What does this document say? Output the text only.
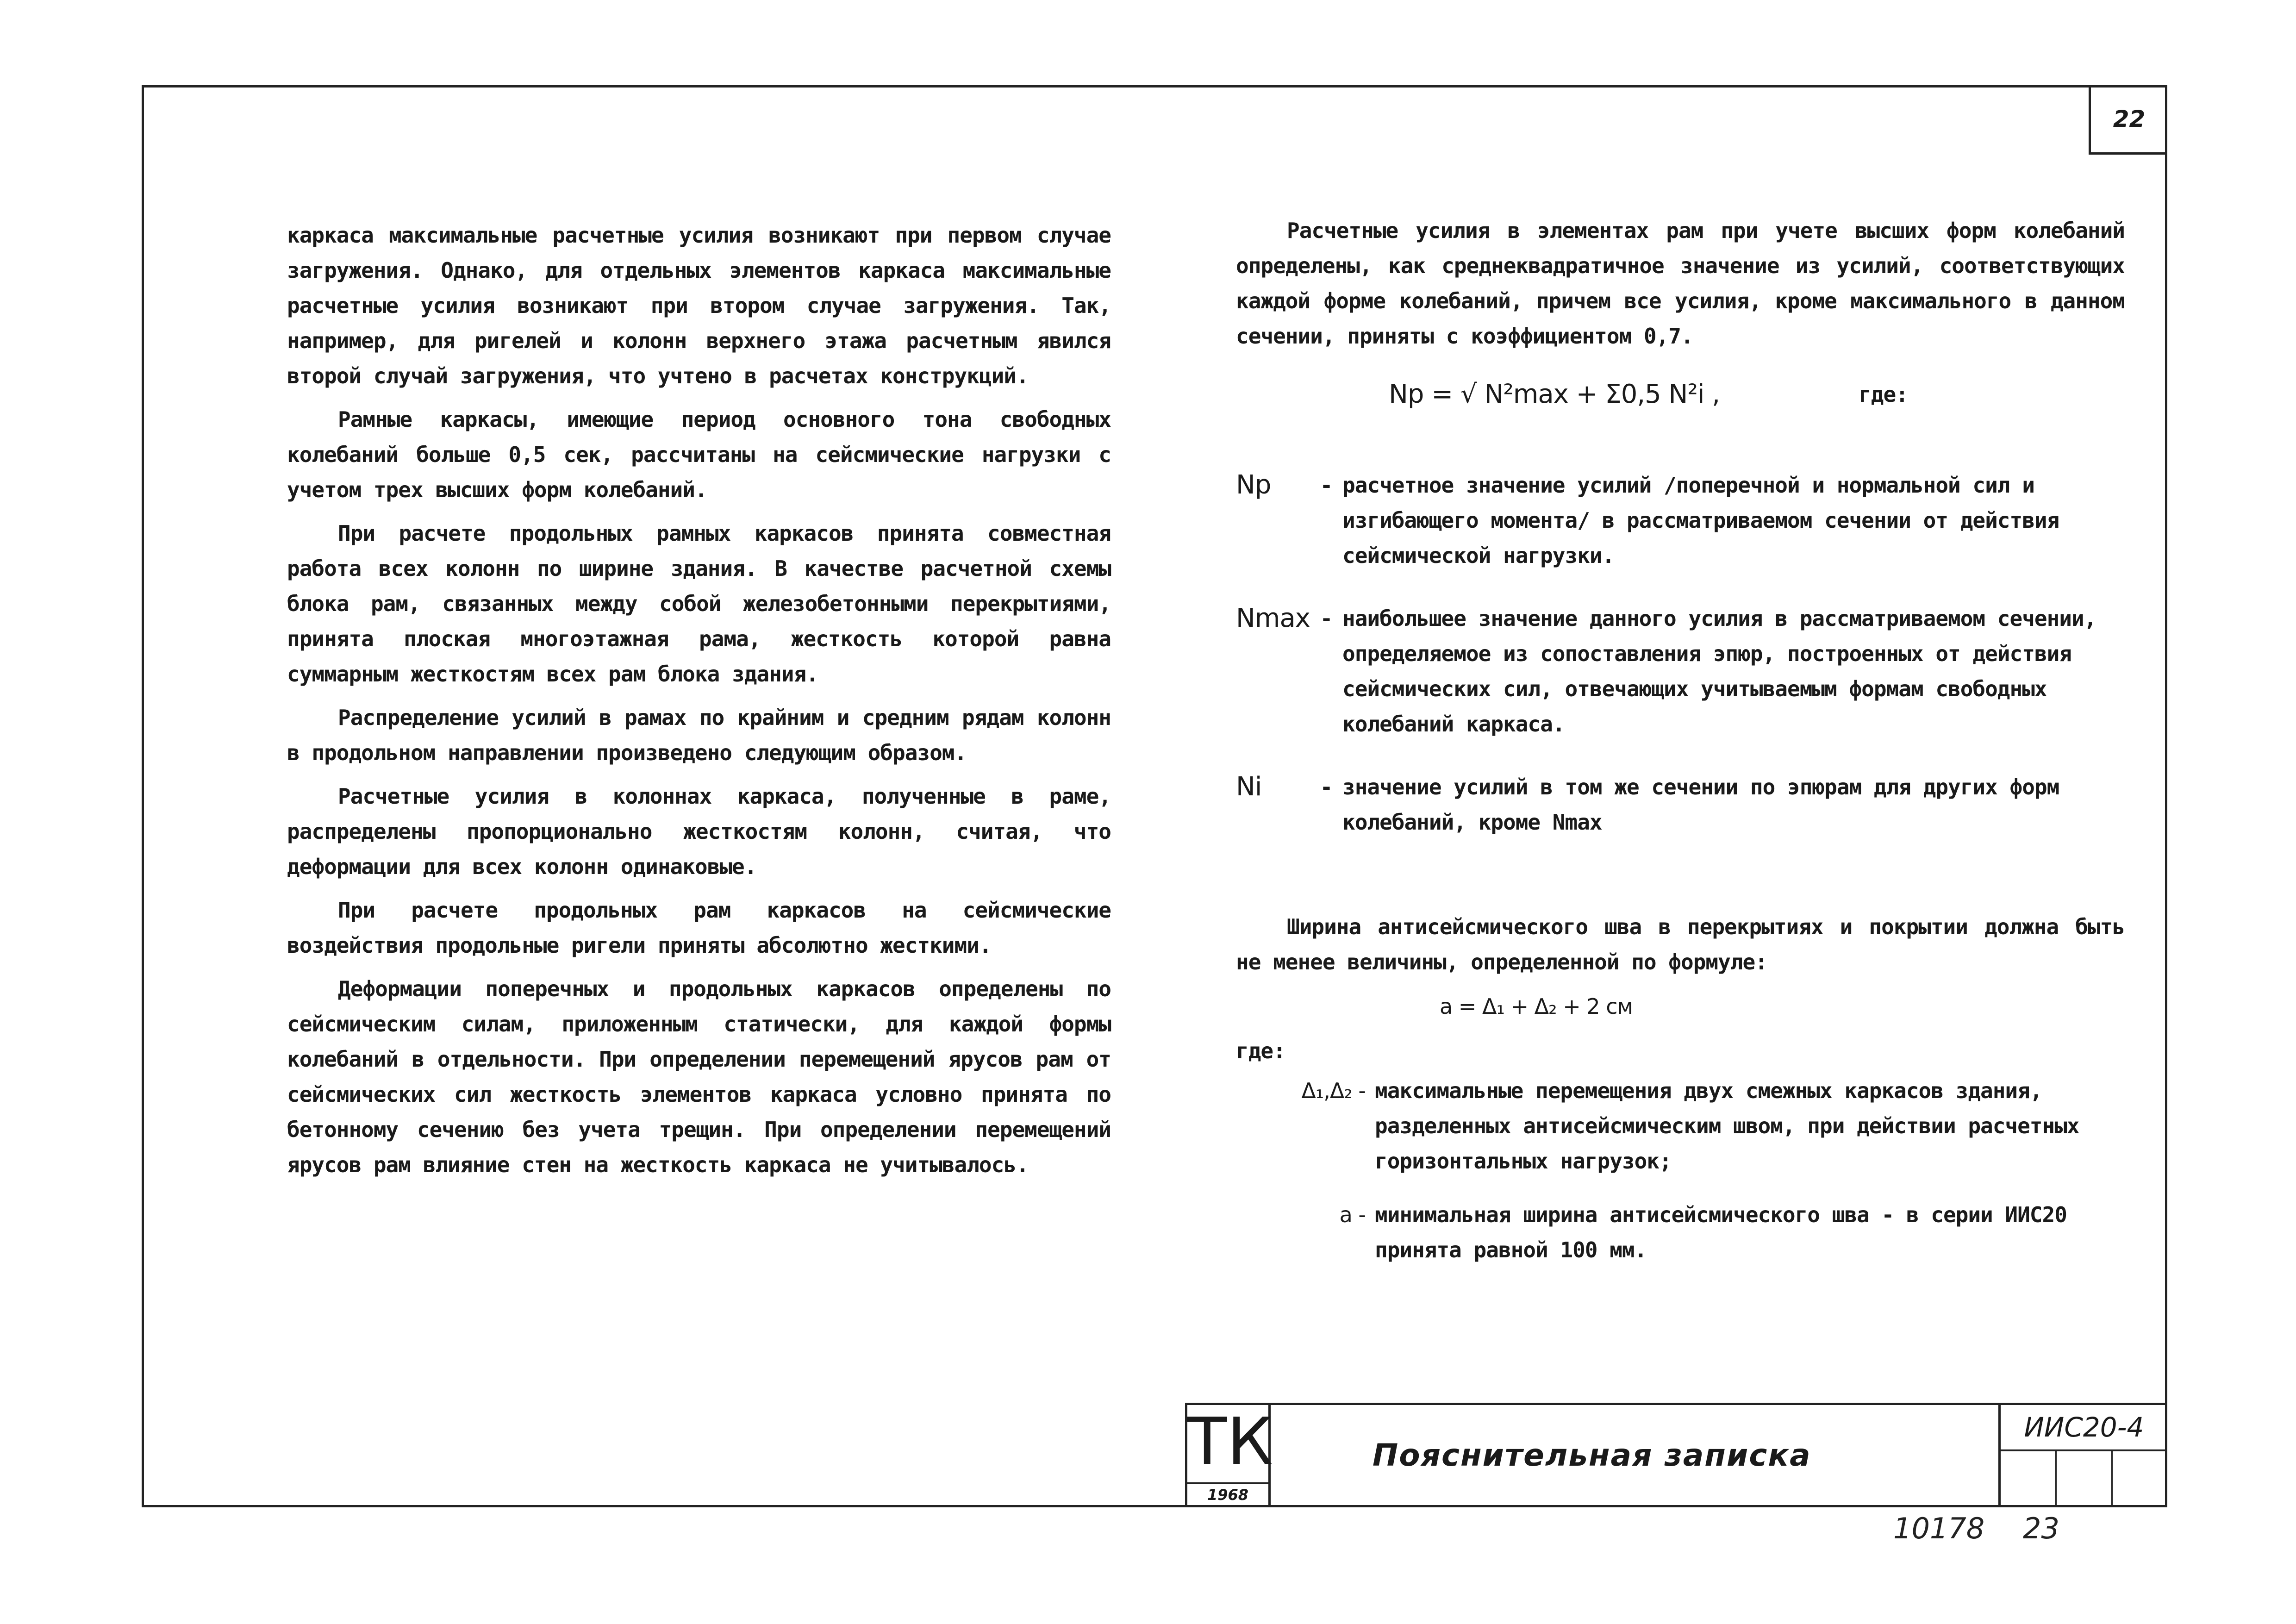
22

каркаса максимальные расчетные усилия возникают при первом случае загружения. Однако, для отдельных элементов каркаса максимальные расчетные усилия возникают при втором случае загружения. Так, например, для ригелей и колонн верхнего этажа расчетным явился второй случай загружения, что учтено в расчетах конструкций.

Рамные каркасы, имеющие период основного тона свободных колебаний больше 0,5 сек, рассчитаны на сейсмические нагрузки с учетом трех высших форм колебаний.

При расчете продольных рамных каркасов принята совместная работа всех колонн по ширине здания. В качестве расчетной схемы блока рам, связанных между собой железобетонными перекрытиями, принята плоская многоэтажная рама, жесткость которой равна суммарным жесткостям всех рам блока здания.

Распределение усилий в рамах по крайним и средним рядам колонн в продольном направлении произведено следующим образом.

Расчетные усилия в колоннах каркаса, полученные в раме, распределены пропорционально жесткостям колонн, считая, что деформации для всех колонн одинаковые.

При расчете продольных рам каркасов на сейсмические воздействия продольные ригели приняты абсолютно жесткими.

Деформации поперечных и продольных каркасов определены по сейсмическим силам, приложенным статически, для каждой формы колебаний в отдельности. При определении перемещений ярусов рам от сейсмических сил жесткость элементов каркаса условно принята по бетонному сечению без учета трещин. При определении перемещений ярусов рам влияние стен на жесткость каркаса не учитывалось.

Расчетные усилия в элементах рам при учете высших форм колебаний определены, как среднеквадратичное значение из усилий, соответствующих каждой форме колебаний, причем все усилия, кроме максимального в данном сечении, приняты с коэффициентом 0,7.

Nр = √ N²max + Σ0,5 N²i ,	где:
Nр	- расчетное значение усилий /поперечной и нормальной сил и изгибающего момента/ в рассматриваемом сечении от действия сейсмической нагрузки.
Nmax - наибольшее значение данного усилия в рассматриваемом сечении, определяемое из сопоставления эпюр, построенных от действия сейсмических сил, отвечающих учитываемым формам свободных колебаний каркаса.
Ni	- значение усилий в том же сечении по эпюрам для других форм колебаний, кроме Nmax

Ширина антисейсмического шва в перекрытиях и покрытии должна быть не менее величины, определенной по формуле:

a = Δ₁ + Δ₂ + 2 см
где:
Δ₁,Δ₂ - максимальные перемещения двух смежных каркасов здания, разделенных антисейсмическим швом, при действии расчетных горизонтальных нагрузок;
a - минимальная ширина антисейсмического шва - в серии ИИС20 принята равной 100 мм.
ТК
1968
Пояснительная записка
ИИС20-4
10178 23
